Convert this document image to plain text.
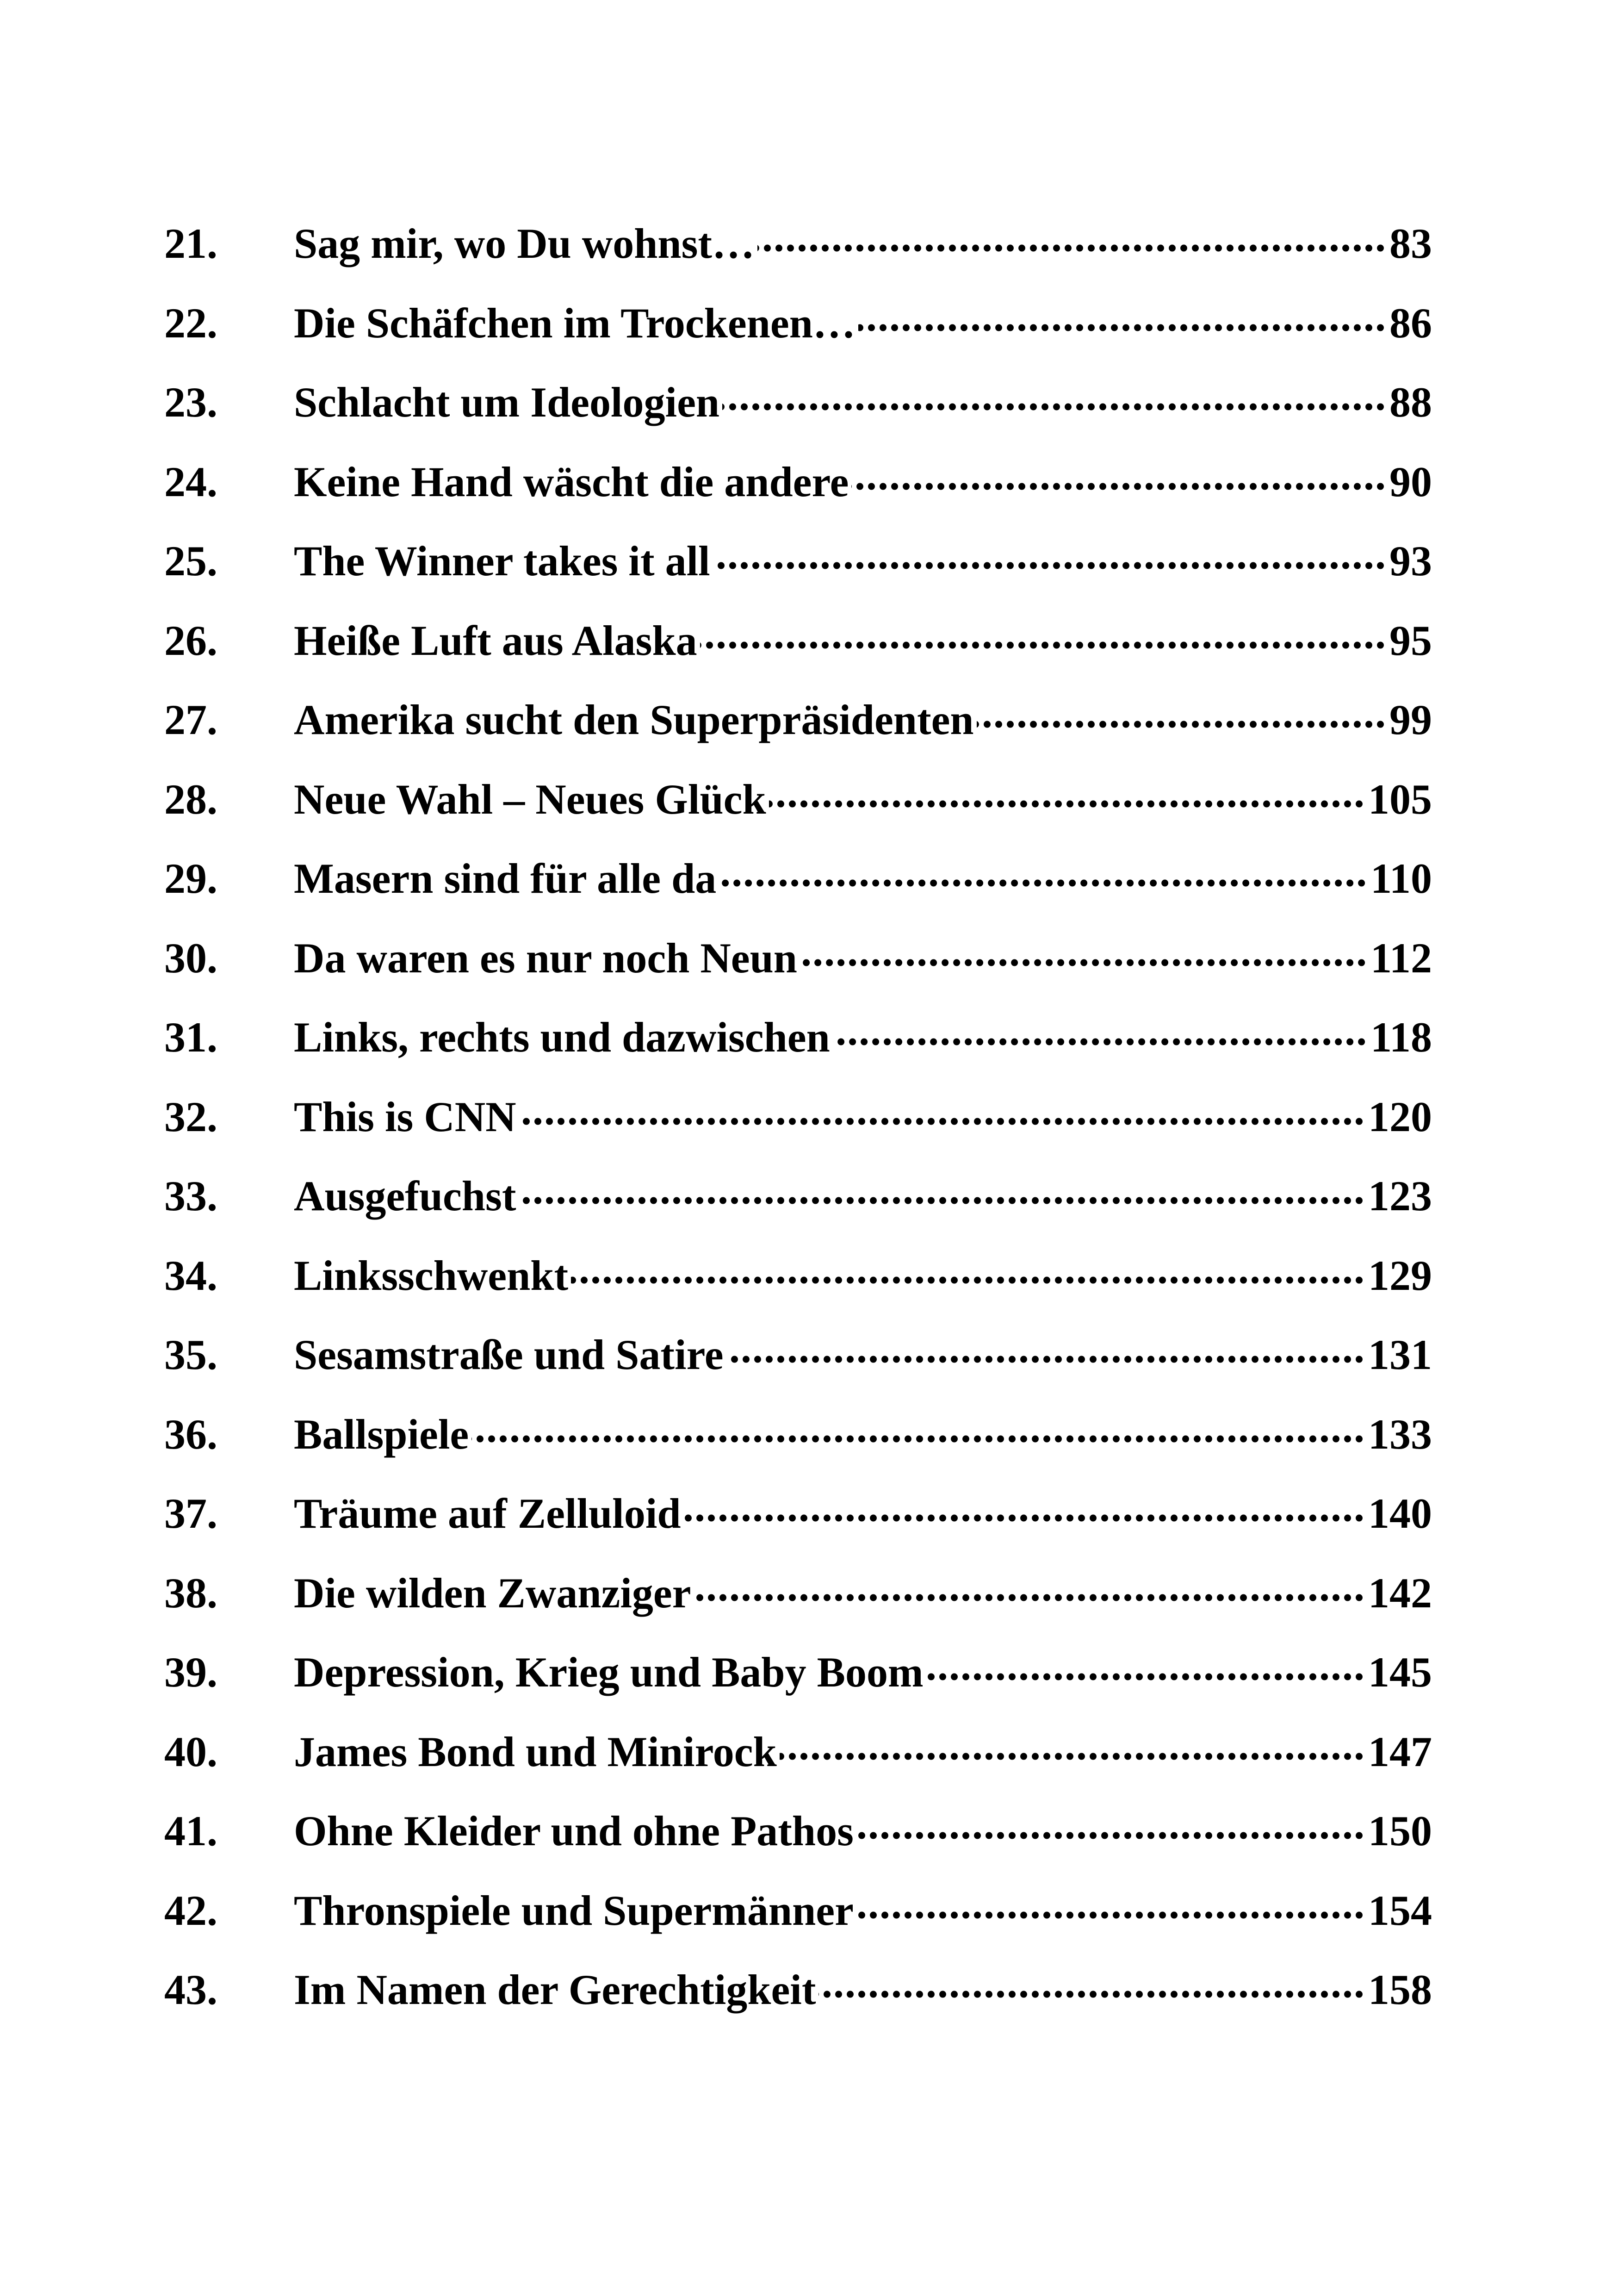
21.	Sag mir, wo Du wohnst… .....	83
22.	Die Schäfchen im Trockenen… .....	86
23.	Schlacht um Ideologien .....	88
24.	Keine Hand wäscht die andere .....	90
25.	The Winner takes it all .....	93
26.	Heiße Luft aus Alaska .....	95
27.	Amerika sucht den Superpräsidenten .....	99
28.	Neue Wahl – Neues Glück .....	105
29.	Masern sind für alle da .....	110
30.	Da waren es nur noch Neun .....	112
31.	Links, rechts und dazwischen .....	118
32.	This is CNN .....	120
33.	Ausgefuchst .....	123
34.	Linksschwenkt .....	129
35.	Sesamstraße und Satire .....	131
36.	Ballspiele .....	133
37.	Träume auf Zelluloid .....	140
38.	Die wilden Zwanziger .....	142
39.	Depression, Krieg und Baby Boom .....	145
40.	James Bond und Minirock .....	147
41.	Ohne Kleider und ohne Pathos .....	150
42.	Thronspiele und Supermänner .....	154
43.	Im Namen der Gerechtigkeit .....	158
